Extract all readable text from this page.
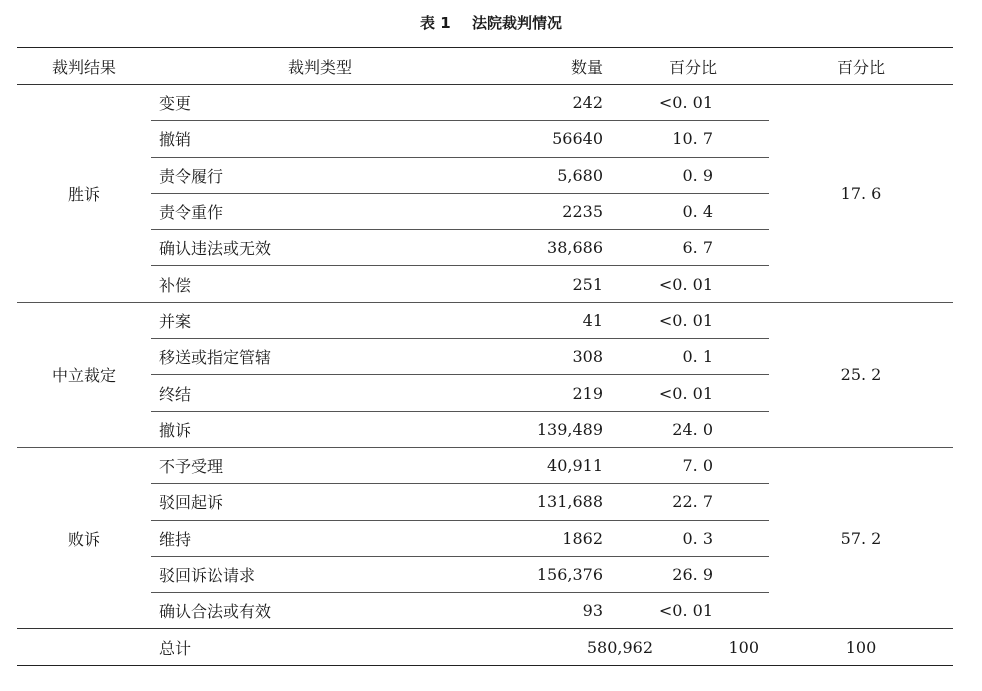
表 1 法院裁判情况
裁判结果	裁判类型	数量	百分比	百分比
胜诉	变更	242	<0. 01	17. 6
撤销	56640	10. 7
责令履行	5,680	0. 9
责令重作	2235	0. 4
确认违法或无效	38,686	6. 7
补偿	251	<0. 01
中立裁定	并案	41	<0. 01	25. 2
移送或指定管辖	308	0. 1
终结	219	<0. 01
撤诉	139,489	24. 0
败诉	不予受理	40,911	7. 0	57. 2
驳回起诉	131,688	22. 7
维持	1862	0. 3
驳回诉讼请求	156,376	26. 9
确认合法或有效	93	<0. 01
	总计	580,962	100	100
